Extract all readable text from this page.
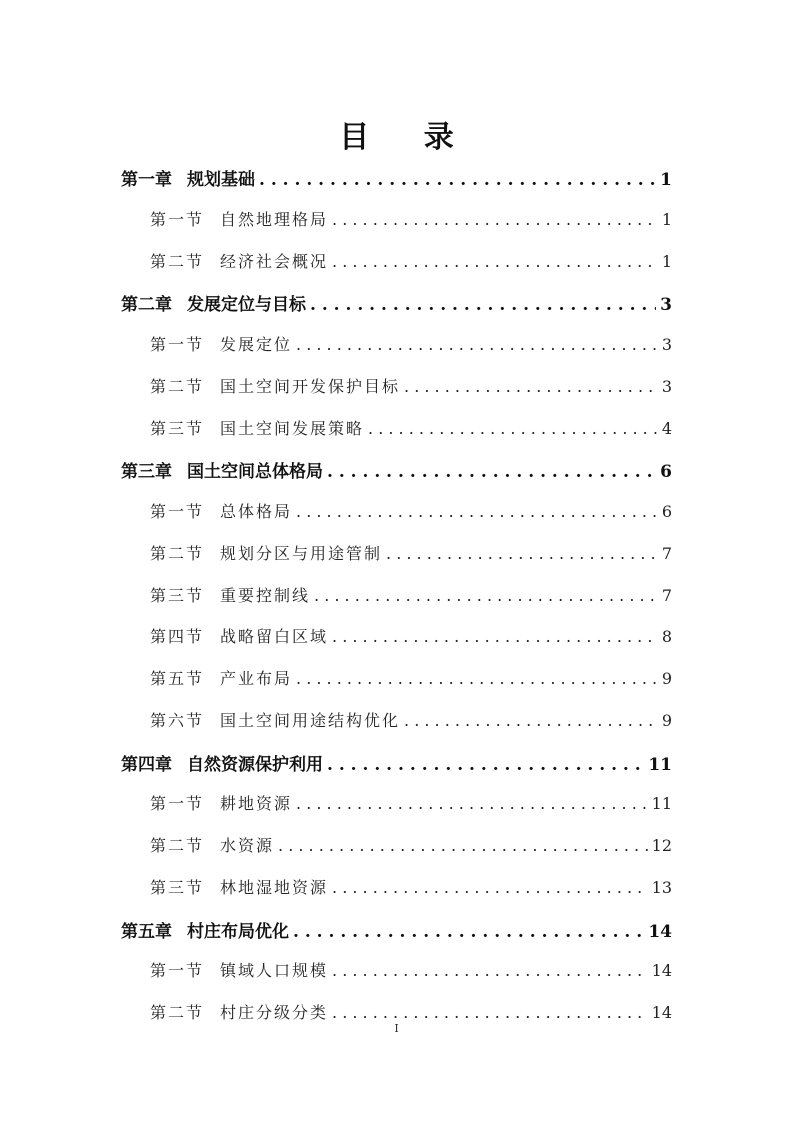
目 录
第一章 规划基础 . . .	1
第一节 自然地理格局 . . .	1
第二节 经济社会概况 . . .	1
第二章 发展定位与目标 . . .	3
第一节 发展定位 . . .	3
第二节 国土空间开发保护目标 . . .	3
第三节 国土空间发展策略 . . .	4
第三章 国土空间总体格局 . . .	6
第一节 总体格局 . . .	6
第二节 规划分区与用途管制 . . .	7
第三节 重要控制线 . . .	7
第四节 战略留白区域 . . .	8
第五节 产业布局 . . .	9
第六节 国土空间用途结构优化 . . .	9
第四章 自然资源保护利用 . . .	11
第一节 耕地资源 . . .	11
第二节 水资源 . . .	12
第三节 林地湿地资源 . . .	13
第五章 村庄布局优化 . . .	14
第一节 镇域人口规模 . . .	14
第二节 村庄分级分类 . . .	14
I
